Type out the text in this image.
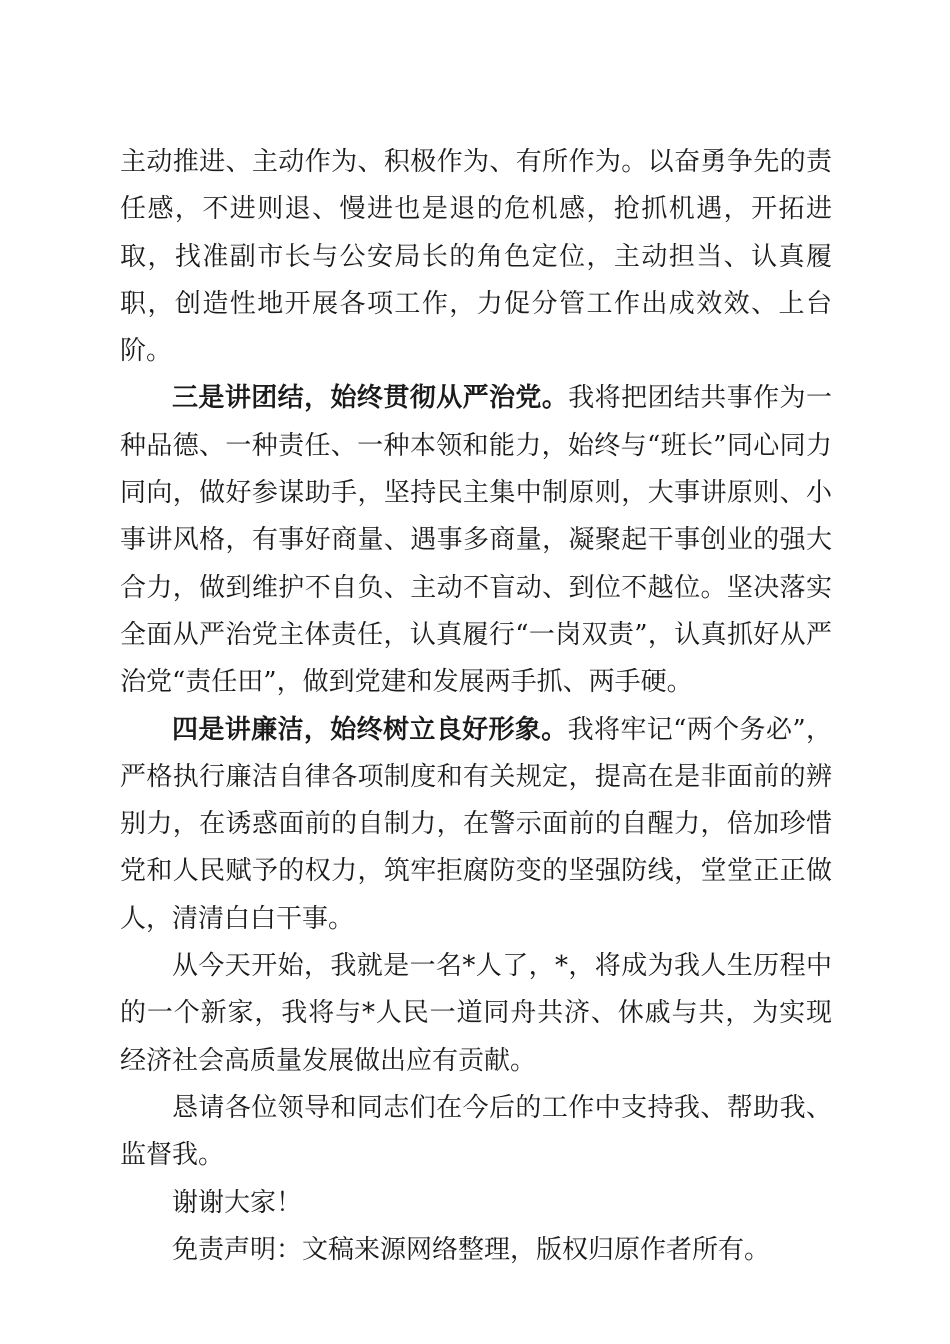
主动推进、主动作为、积极作为、有所作为。以奋勇争先的责任感，不进则退、慢进也是退的危机感，抢抓机遇，开拓进取，找准副市长与公安局长的角色定位，主动担当、认真履职，创造性地开展各项工作，力促分管工作出成效效、上台阶。

三是讲团结，始终贯彻从严治党。我将把团结共事作为一种品德、一种责任、一种本领和能力，始终与“班长”同心同力同向，做好参谋助手，坚持民主集中制原则，大事讲原则、小事讲风格，有事好商量、遇事多商量，凝聚起干事创业的强大合力，做到维护不自负、主动不盲动、到位不越位。坚决落实全面从严治党主体责任，认真履行“一岗双责”，认真抓好从严治党“责任田”，做到党建和发展两手抓、两手硬。

四是讲廉洁，始终树立良好形象。我将牢记“两个务必”，严格执行廉洁自律各项制度和有关规定，提高在是非面前的辨别力，在诱惑面前的自制力，在警示面前的自醒力，倍加珍惜党和人民赋予的权力，筑牢拒腐防变的坚强防线，堂堂正正做人，清清白白干事。

从今天开始，我就是一名*人了，*，将成为我人生历程中的一个新家，我将与*人民一道同舟共济、休戚与共，为实现经济社会高质量发展做出应有贡献。

恳请各位领导和同志们在今后的工作中支持我、帮助我、监督我。

谢谢大家！

免责声明：文稿来源网络整理，版权归原作者所有。
